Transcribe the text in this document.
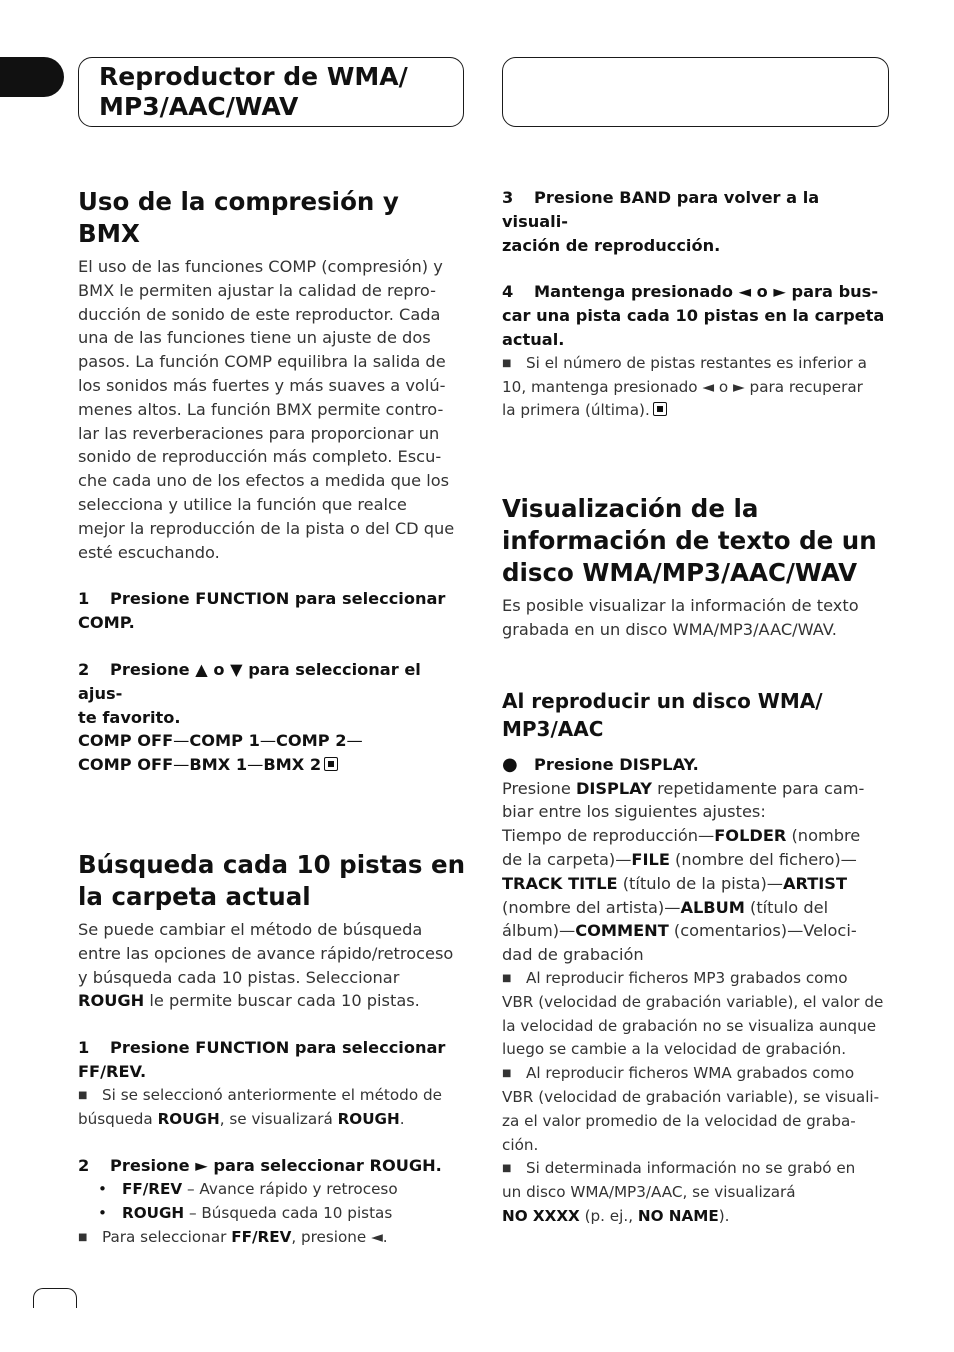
Reproductor de WMA/
MP3/AAC/WAV
Uso de la compresión y BMX

El uso de las funciones COMP (compresión) y

BMX le permiten ajustar la calidad de repro-

ducción de sonido de este reproductor. Cada

una de las funciones tiene un ajuste de dos

pasos. La función COMP equilibra la salida de

los sonidos más fuertes y más suaves a volú-

menes altos. La función BMX permite contro-

lar las reverberaciones para proporcionar un

sonido de reproducción más completo. Escu-

che cada uno de los efectos a medida que los

selecciona y utilice la función que realce

mejor la reproducción de la pista o del CD que

esté escuchando.

1 Presione FUNCTION para seleccionar

COMP.

2 Presione ▲ o ▼ para seleccionar el ajus-

te favorito.

COMP OFF—COMP 1—COMP 2—

COMP OFF—BMX 1—BMX 2

Búsqueda cada 10 pistas en
la carpeta actual

Se puede cambiar el método de búsqueda

entre las opciones de avance rápido/retroceso

y búsqueda cada 10 pistas. Seleccionar

ROUGH le permite buscar cada 10 pistas.

1 Presione FUNCTION para seleccionar

FF/REV.

■ Si se seleccionó anteriormente el método de

búsqueda ROUGH, se visualizará ROUGH.

2 Presione ► para seleccionar ROUGH.

• FF/REV – Avance rápido y retroceso
• ROUGH – Búsqueda cada 10 pistas

■ Para seleccionar FF/REV, presione ◄.

3 Presione BAND para volver a la visuali-

zación de reproducción.

4 Mantenga presionado ◄ o ► para bus-

car una pista cada 10 pistas en la carpeta

actual.

■ Si el número de pistas restantes es inferior a

10, mantenga presionado ◄ o ► para recuperar

la primera (última).

Visualización de la
información de texto de un
disco WMA/MP3/AAC/WAV

Es posible visualizar la información de texto

grabada en un disco WMA/MP3/AAC/WAV.

Al reproducir un disco WMA/
MP3/AAC

● Presione DISPLAY.

Presione DISPLAY repetidamente para cam-

biar entre los siguientes ajustes:

Tiempo de reproducción—FOLDER (nombre

de la carpeta)—FILE (nombre del fichero)—

TRACK TITLE (título de la pista)—ARTIST

(nombre del artista)—ALBUM (título del

álbum)—COMMENT (comentarios)—Veloci-

dad de grabación

■ Al reproducir ficheros MP3 grabados como

VBR (velocidad de grabación variable), el valor de

la velocidad de grabación no se visualiza aunque

luego se cambie a la velocidad de grabación.

■ Al reproducir ficheros WMA grabados como

VBR (velocidad de grabación variable), se visuali-

za el valor promedio de la velocidad de graba-

ción.

■ Si determinada información no se grabó en

un disco WMA/MP3/AAC, se visualizará

NO XXXX (p. ej., NO NAME).
